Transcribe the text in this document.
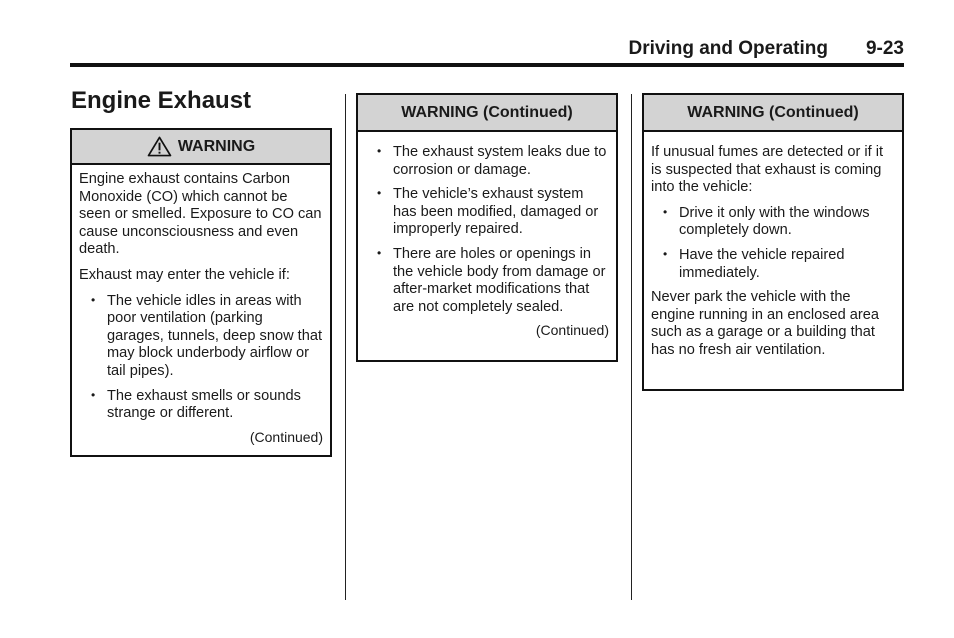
Driving and Operating 9-23
Engine Exhaust
WARNING

Engine exhaust contains Carbon Monoxide (CO) which cannot be seen or smelled. Exposure to CO can cause unconsciousness and even death.

Exhaust may enter the vehicle if:

• The vehicle idles in areas with poor ventilation (parking garages, tunnels, deep snow that may block underbody airflow or tail pipes).
• The exhaust smells or sounds strange or different.
(Continued)
WARNING (Continued)
• The exhaust system leaks due to corrosion or damage.
• The vehicle’s exhaust system has been modified, damaged or improperly repaired.
• There are holes or openings in the vehicle body from damage or after-market modifications that are not completely sealed.
(Continued)
WARNING (Continued)

If unusual fumes are detected or if it is suspected that exhaust is coming into the vehicle:

• Drive it only with the windows completely down.
• Have the vehicle repaired immediately.

Never park the vehicle with the engine running in an enclosed area such as a garage or a building that has no fresh air ventilation.
